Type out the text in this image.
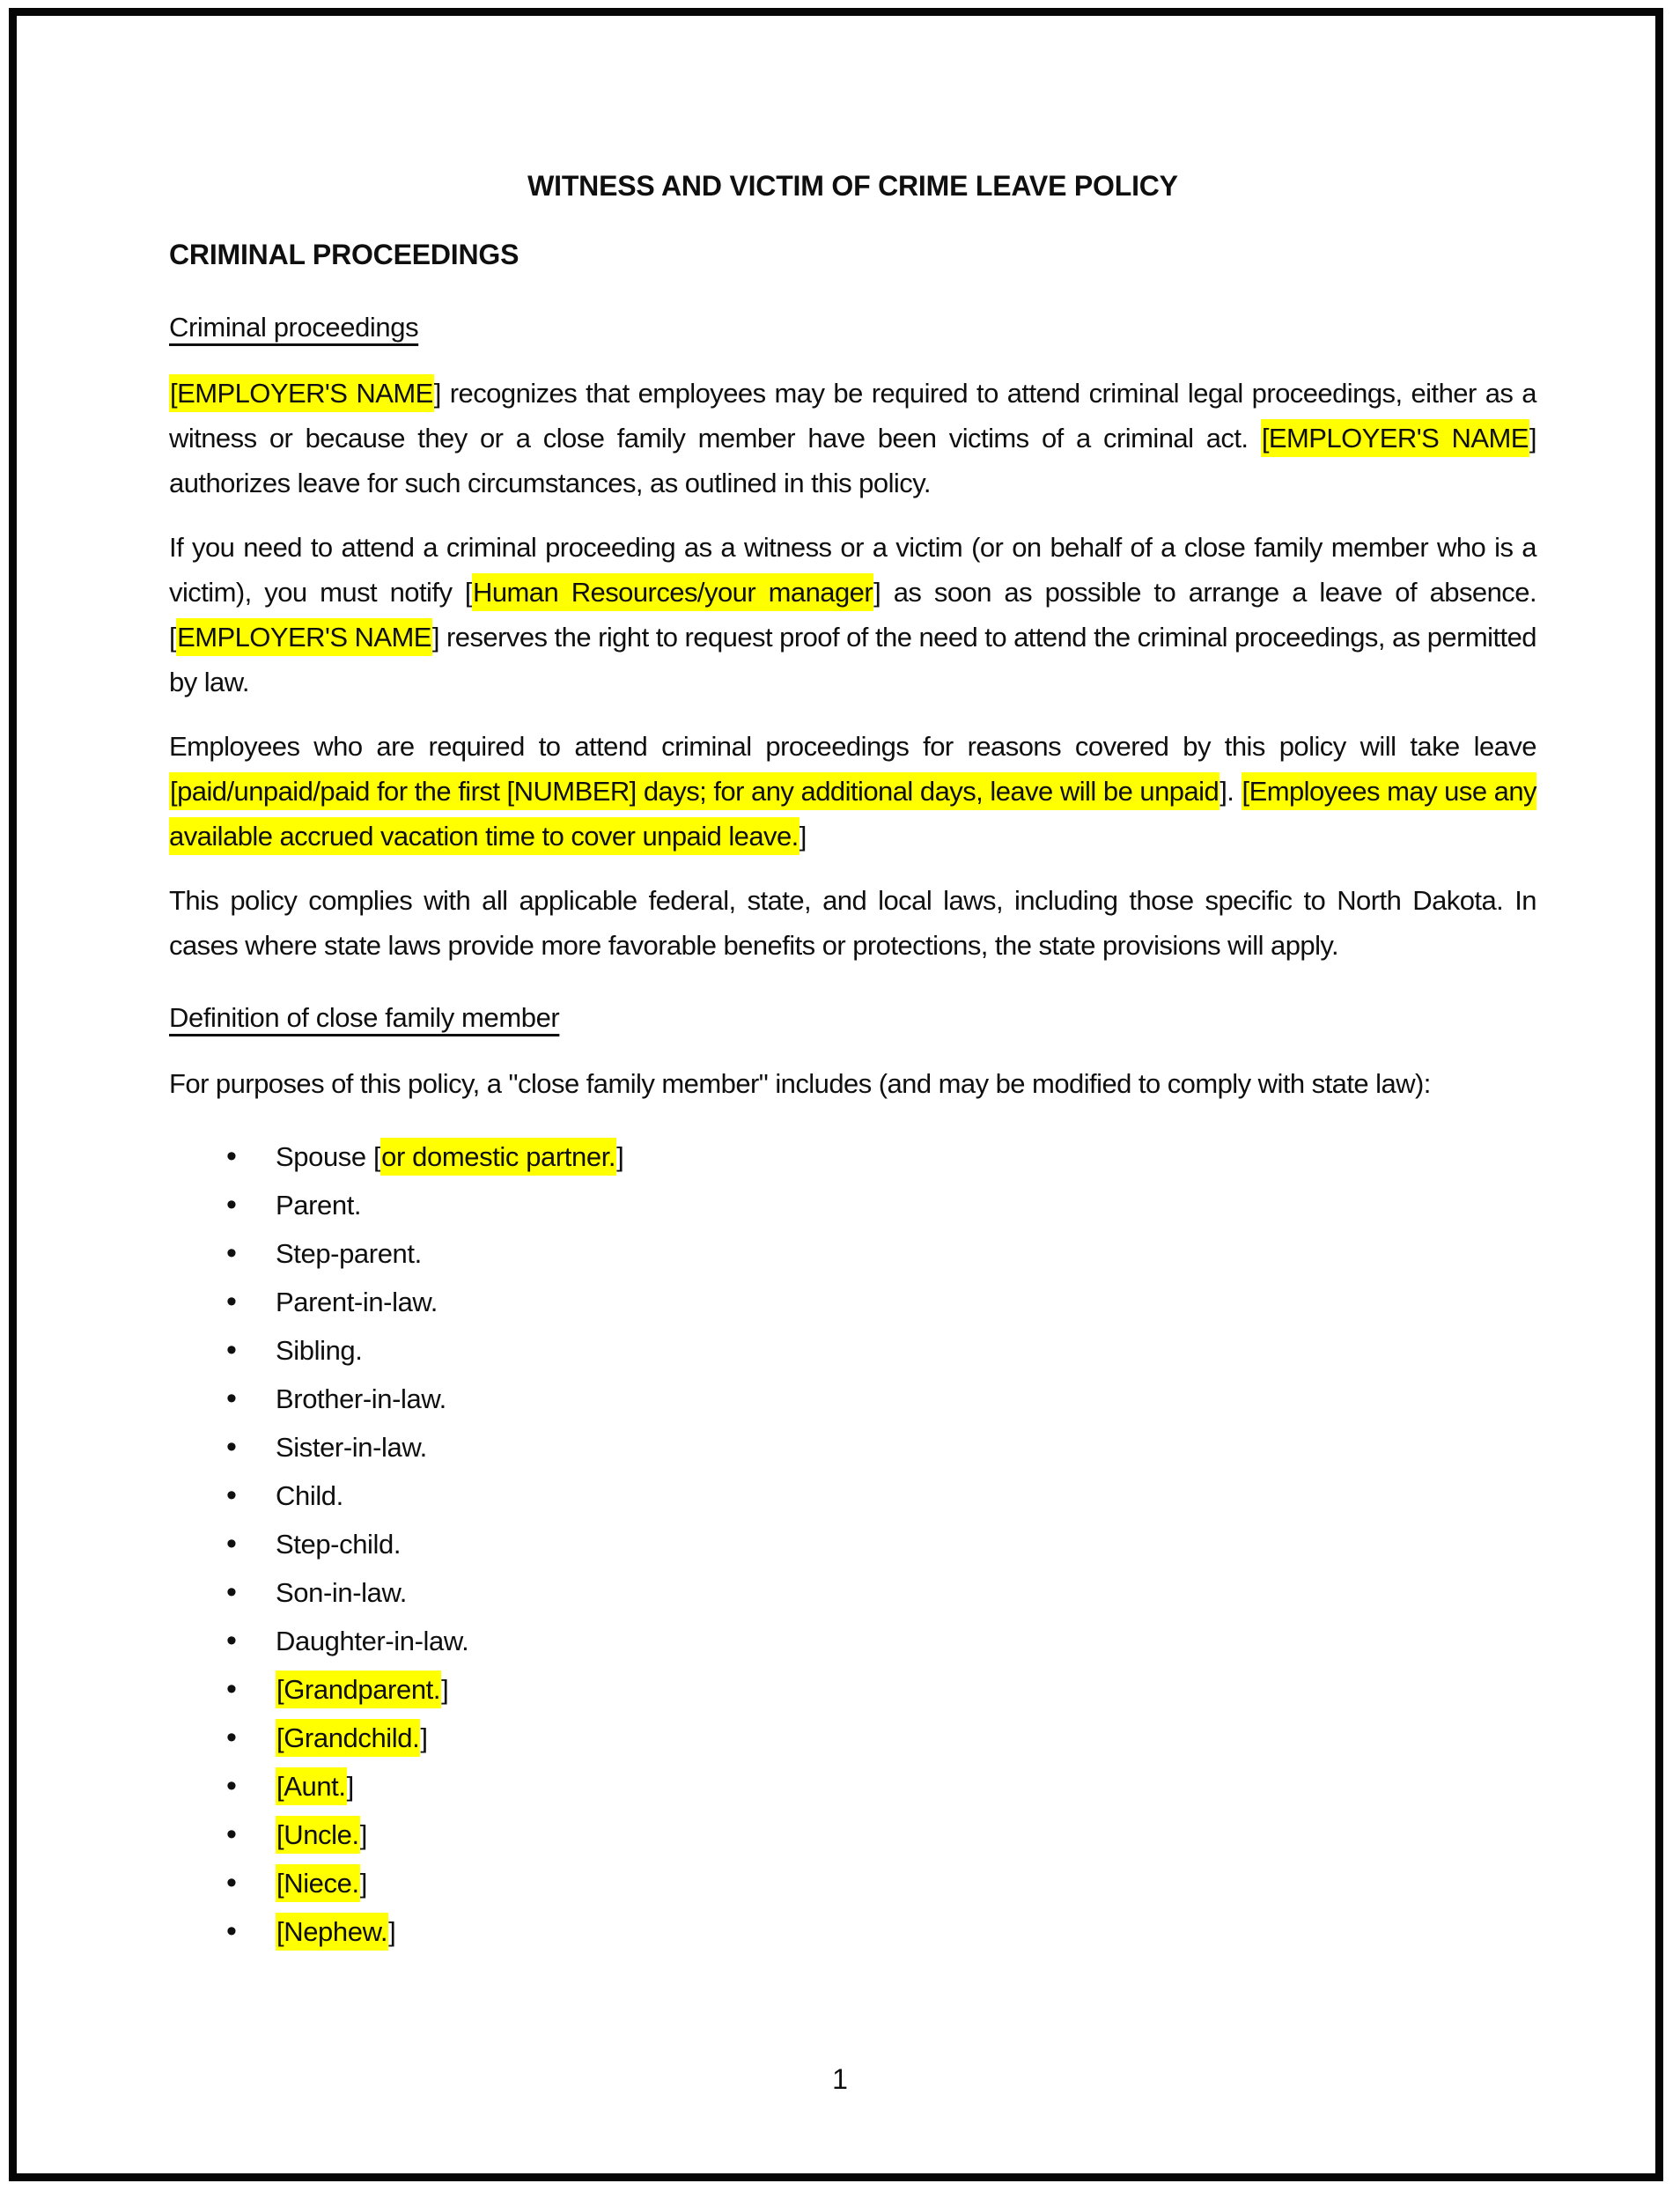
WITNESS AND VICTIM OF CRIME LEAVE POLICY
CRIMINAL PROCEEDINGS
Criminal proceedings

[EMPLOYER'S NAME] recognizes that employees may be required to attend criminal legal proceedings, either as a witness or because they or a close family member have been victims of a criminal act. [EMPLOYER'S NAME] authorizes leave for such circumstances, as outlined in this policy.

If you need to attend a criminal proceeding as a witness or a victim (or on behalf of a close family member who is a victim), you must notify [Human Resources/your manager] as soon as possible to arrange a leave of absence. [EMPLOYER'S NAME] reserves the right to request proof of the need to attend the criminal proceedings, as permitted by law.

Employees who are required to attend criminal proceedings for reasons covered by this policy will take leave [paid/unpaid/paid for the first [NUMBER] days; for any additional days, leave will be unpaid]. [Employees may use any available accrued vacation time to cover unpaid leave.]

This policy complies with all applicable federal, state, and local laws, including those specific to North Dakota. In cases where state laws provide more favorable benefits or protections, the state provisions will apply.

Definition of close family member

For purposes of this policy, a "close family member" includes (and may be modified to comply with state law):

• Spouse [or domestic partner.]
• Parent.
• Step-parent.
• Parent-in-law.
• Sibling.
• Brother-in-law.
• Sister-in-law.
• Child.
• Step-child.
• Son-in-law.
• Daughter-in-law.
• [Grandparent.]
• [Grandchild.]
• [Aunt.]
• [Uncle.]
• [Niece.]
• [Nephew.]
1
